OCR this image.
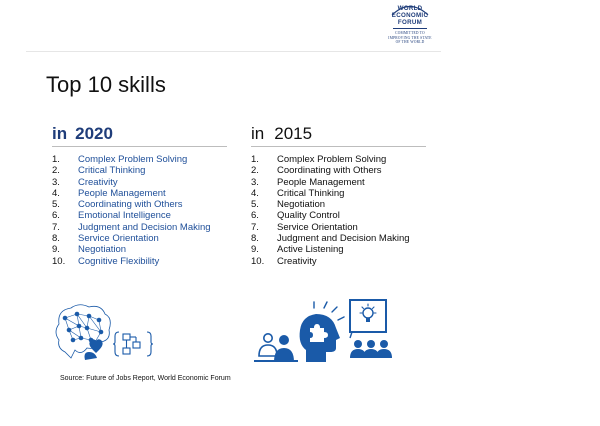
WORLD
ECONOMIC
FORUM
COMMITTED TO
IMPROVING THE STATE
OF THE WORLD
Top 10 skills
in 2020
1.	Complex Problem Solving
2.	Critical Thinking
3.	Creativity
4.	People Management
5.	Coordinating with Others
6.	Emotional Intelligence
7.	Judgment and Decision Making
8.	Service Orientation
9.	Negotiation
10.	Cognitive Flexibility
in 2015
1.	Complex Problem Solving
2.	Coordinating with Others
3.	People Management
4.	Critical Thinking
5.	Negotiation
6.	Quality Control
7.	Service Orientation
8.	Judgment and Decision Making
9.	Active Listening
10.	Creativity
Source: Future of Jobs Report, World Economic Forum
